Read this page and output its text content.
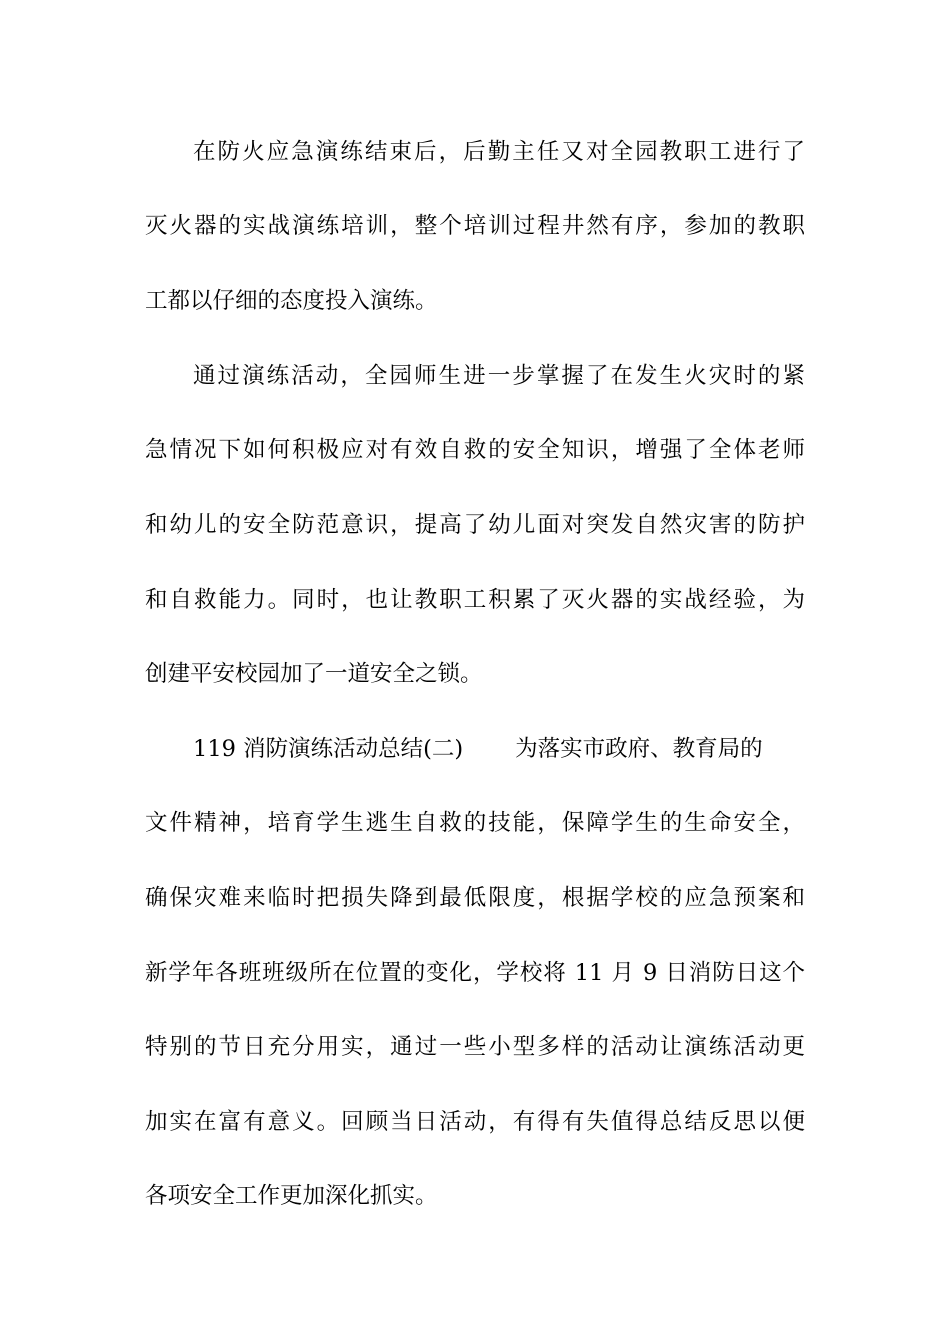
在防火应急演练结束后，后勤主任又对全园教职工进行了
灭火器的实战演练培训，整个培训过程井然有序，参加的教职
工都以仔细的态度投入演练。
通过演练活动，全园师生进一步掌握了在发生火灾时的紧
急情况下如何积极应对有效自救的安全知识，增强了全体老师
和幼儿的安全防范意识，提高了幼儿面对突发自然灾害的防护
和自救能力。同时，也让教职工积累了灭火器的实战经验，为
创建平安校园加了一道安全之锁。
119 消防演练活动总结(二) 为落实市政府、教育局的
文件精神，培育学生逃生自救的技能，保障学生的生命安全，
确保灾难来临时把损失降到最低限度，根据学校的应急预案和
新学年各班班级所在位置的变化，学校将 11 月 9 日消防日这个
特别的节日充分用实，通过一些小型多样的活动让演练活动更
加实在富有意义。回顾当日活动，有得有失值得总结反思以便
各项安全工作更加深化抓实。
